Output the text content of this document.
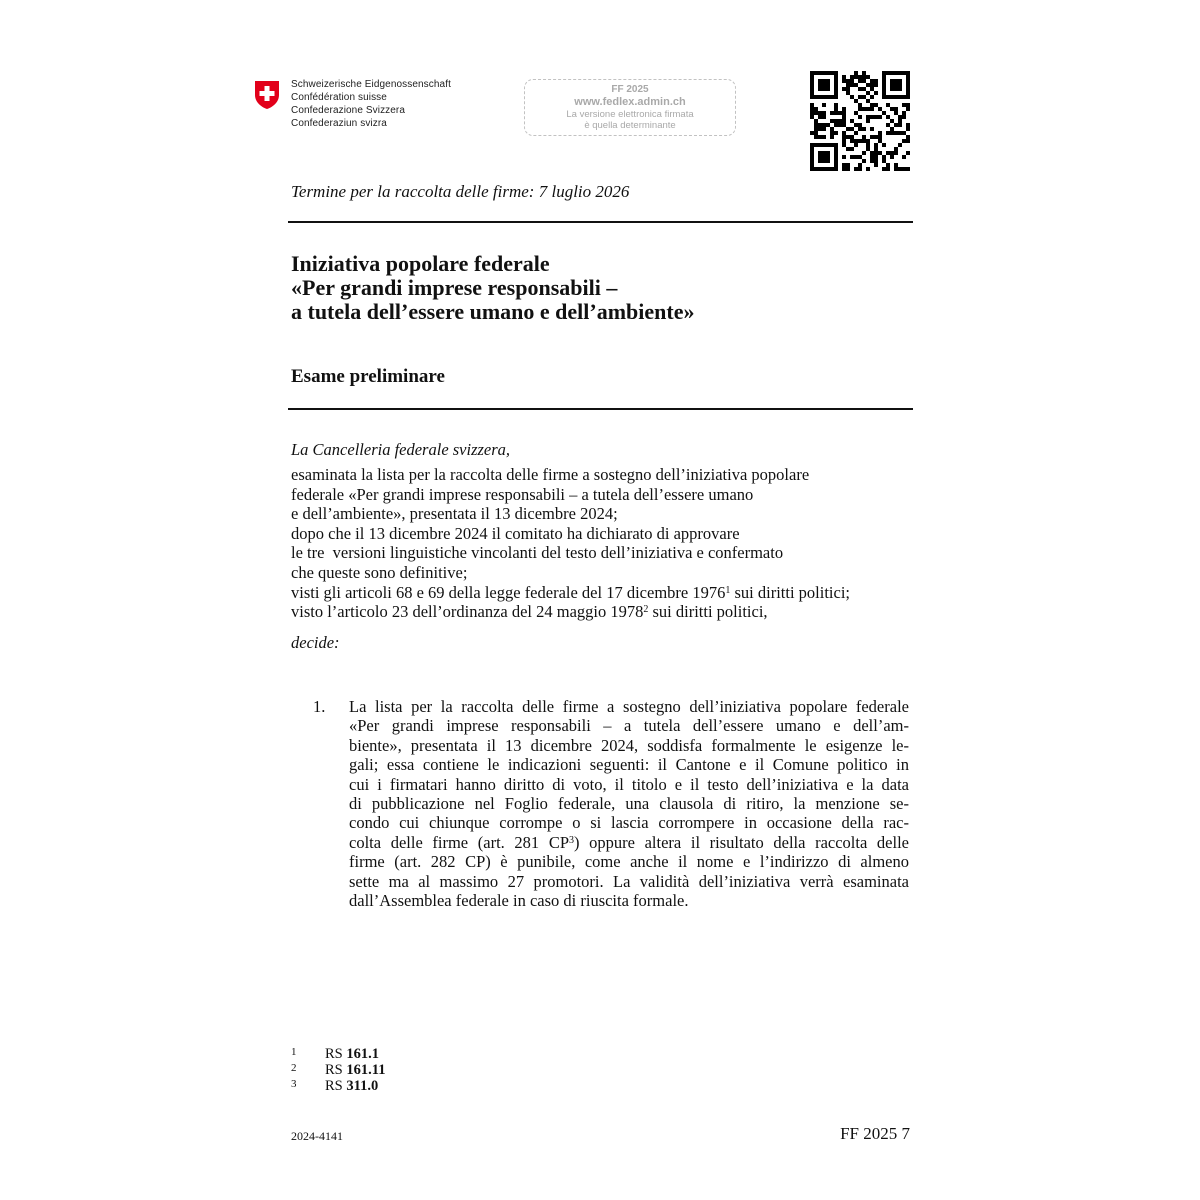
Schweizerische Eidgenossenschaft
Confédération suisse
Confederazione Svizzera
Confederaziun svizra
FF 2025
www.fedlex.admin.ch
La versione elettronica firmata
è quella determinante
Termine per la raccolta delle firme: 7 luglio 2026
Iniziativa popolare federale
«Per grandi imprese responsabili –
a tutela dell’essere umano e dell’ambiente»
Esame preliminare
La Cancelleria federale svizzera,
esaminata la lista per la raccolta delle firme a sostegno dell’iniziativa popolare
federale «Per grandi imprese responsabili – a tutela dell’essere umano
e dell’ambiente», presentata il 13 dicembre 2024;
dopo che il 13 dicembre 2024 il comitato ha dichiarato di approvare
le tre  versioni linguistiche vincolanti del testo dell’iniziativa e confermato
che queste sono definitive;
visti gli articoli 68 e 69 della legge federale del 17 dicembre 1976$^1$ sui diritti politici;
visto l’articolo 23 dell’ordinanza del 24 maggio 1978$^2$ sui diritti politici,
decide:
1. La lista per la raccolta delle firme a sostegno dell’iniziativa popolare federale
«Per grandi imprese responsabili – a tutela dell’essere umano e dell’am-
biente», presentata il 13 dicembre 2024, soddisfa formalmente le esigenze le-
gali; essa contiene le indicazioni seguenti: il Cantone e il Comune politico in
cui i firmatari hanno diritto di voto, il titolo e il testo dell’iniziativa e la data
di pubblicazione nel Foglio federale, una clausola di ritiro, la menzione se-
condo cui chiunque corrompe o si lascia corrompere in occasione della rac-
colta delle firme (art. 281 $CP^3$) oppure altera il risultato della raccolta delle
firme (art. 282 CP) è punibile, come anche il nome e l’indirizzo di almeno
sette ma al massimo 27 promotori. La validità dell’iniziativa verrà esaminata
dall’Assemblea federale in caso di riuscita formale.
1	RS 161.1
2	RS 161.11
3	RS 311.0
2024-4141	FF 2025 7
